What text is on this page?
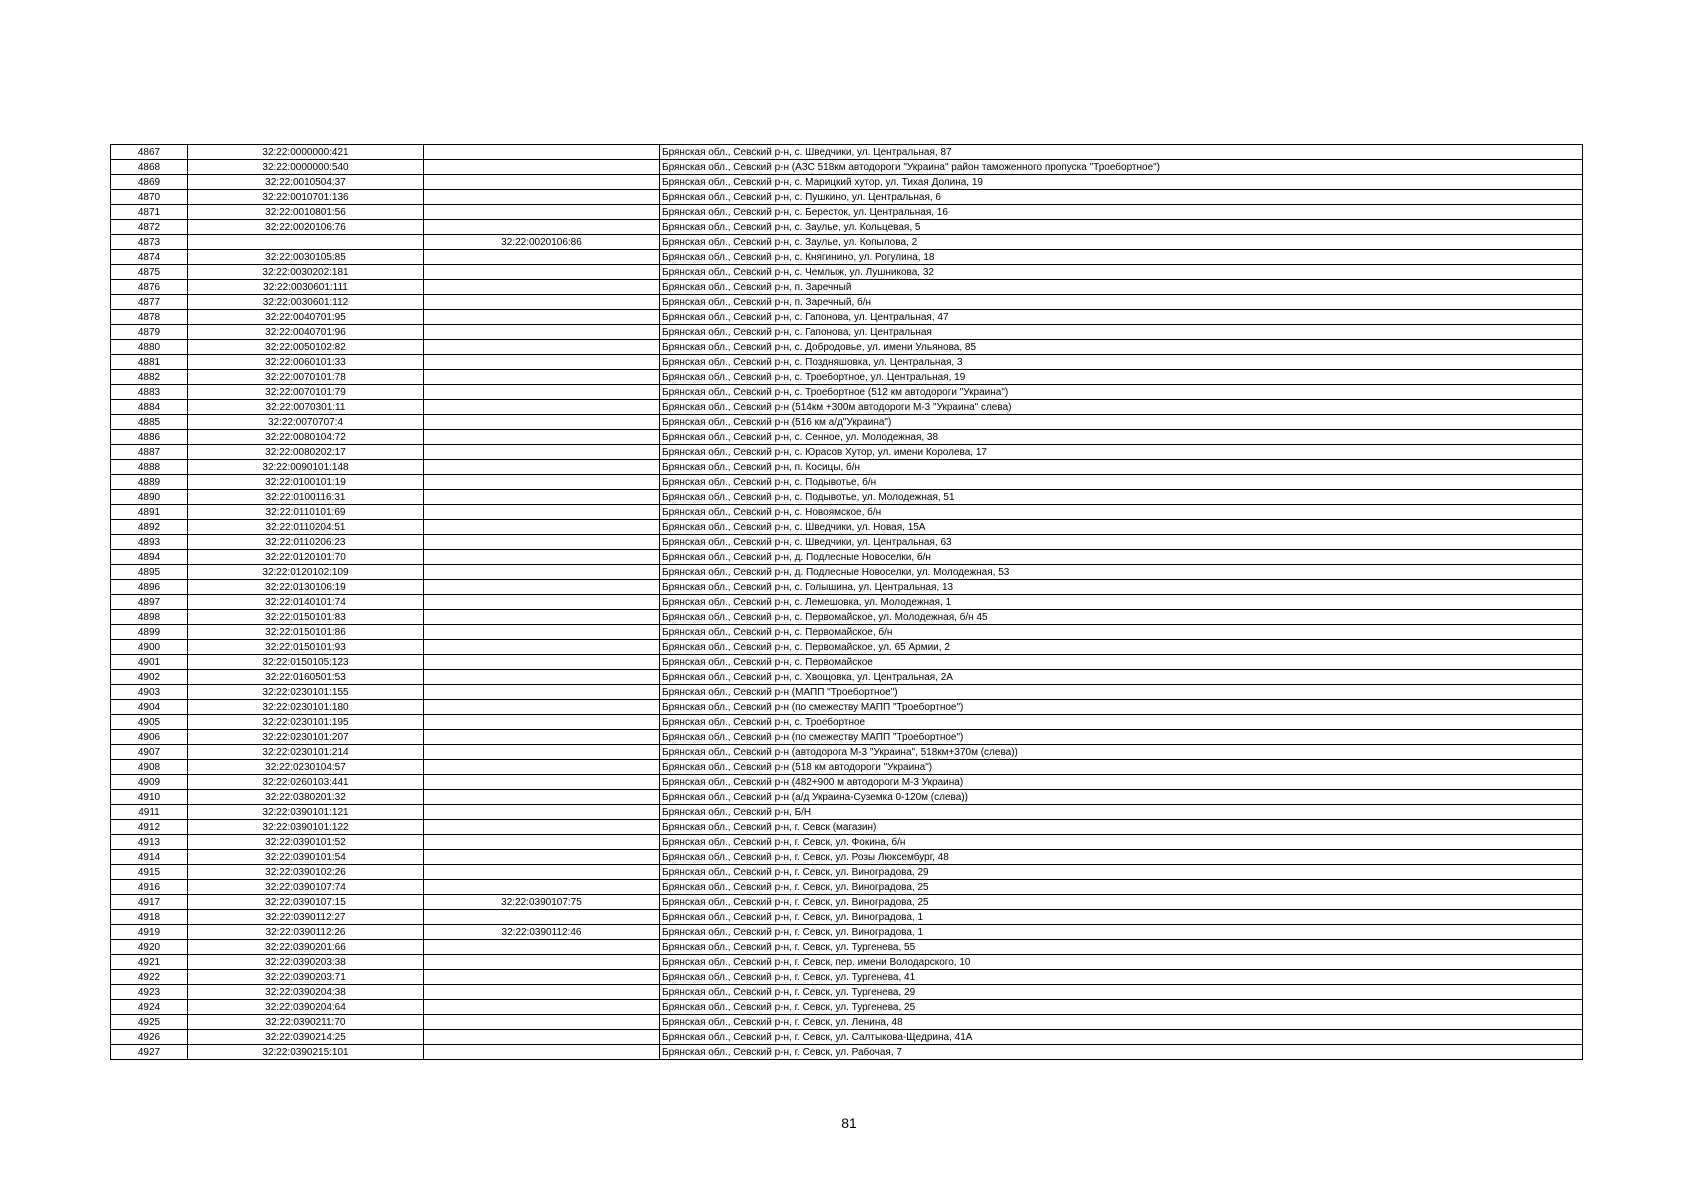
4867	32:22:0000000:421		Брянская обл., Севский р-н, с. Шведчики, ул. Центральная, 87
4868	32:22:0000000:540		Брянская обл., Севский р-н (АЗС 518км автодороги "Украина" район таможенного пропуска "Троебортное")
4869	32:22:0010504:37		Брянская обл., Севский р-н, с. Марицкий хутор, ул. Тихая Долина, 19
4870	32:22:0010701:136		Брянская обл., Севский р-н, с. Пушкино, ул. Центральная, 6
4871	32:22:0010801:56		Брянская обл., Севский р-н, с. Бересток, ул. Центральная, 16
4872	32:22:0020106:76		Брянская обл., Севский р-н, с. Заулье, ул. Кольцевая, 5
4873		32:22:0020106:86	Брянская обл., Севский р-н, с. Заулье, ул. Копылова, 2
4874	32:22:0030105:85		Брянская обл., Севский р-н, с. Княгинино, ул. Рогулина, 18
4875	32:22:0030202:181		Брянская обл., Севский р-н, с. Чемлыж, ул. Лушникова, 32
4876	32:22:0030601:111		Брянская обл., Севский р-н, п. Заречный
4877	32:22:0030601:112		Брянская обл., Севский р-н, п. Заречный, б/н
4878	32:22:0040701:95		Брянская обл., Севский р-н, с. Гапонова, ул. Центральная, 47
4879	32:22:0040701:96		Брянская обл., Севский р-н, с. Гапонова, ул. Центральная
4880	32:22:0050102:82		Брянская обл., Севский р-н, с. Добродовье, ул. имени Ульянова, 85
4881	32:22:0060101:33		Брянская обл., Севский р-н, с. Поздняшовка, ул. Центральная, 3
4882	32:22:0070101:78		Брянская обл., Севский р-н, с. Троебортное, ул. Центральная, 19
4883	32:22:0070101:79		Брянская обл., Севский р-н, с. Троебортное (512 км автодороги "Украина")
4884	32:22:0070301:11		Брянская обл., Севский р-н (514км +300м автодороги М-3 "Украина" слева)
4885	32:22:0070707:4		Брянская обл., Севский р-н (516 км а/д"Украина")
4886	32:22:0080104:72		Брянская обл., Севский р-н, с. Сенное, ул. Молодежная, 38
4887	32:22:0080202:17		Брянская обл., Севский р-н, с. Юрасов Хутор, ул. имени Королева, 17
4888	32:22:0090101:148		Брянская обл., Севский р-н, п. Косицы, б/н
4889	32:22:0100101:19		Брянская обл., Севский р-н, с. Подывотье, б/н
4890	32:22:0100116:31		Брянская обл., Севский р-н, с. Подывотье, ул. Молодежная, 51
4891	32:22:0110101:69		Брянская обл., Севский р-н, с. Новоямское, б/н
4892	32:22:0110204:51		Брянская обл., Севский р-н, с. Шведчики, ул. Новая, 15А
4893	32:22:0110206:23		Брянская обл., Севский р-н, с. Шведчики, ул. Центральная, 63
4894	32:22:0120101:70		Брянская обл., Севский р-н, д. Подлесные Новоселки, б/н
4895	32:22:0120102:109		Брянская обл., Севский р-н, д. Подлесные Новоселки, ул. Молодежная, 53
4896	32:22:0130106:19		Брянская обл., Севский р-н, с. Голышина, ул. Центральная, 13
4897	32:22:0140101:74		Брянская обл., Севский р-н, с. Лемешовка, ул. Молодежная, 1
4898	32:22:0150101:83		Брянская обл., Севский р-н, с. Первомайское, ул. Молодежная, б/н 45
4899	32:22:0150101:86		Брянская обл., Севский р-н, с. Первомайское, б/н
4900	32:22:0150101:93		Брянская обл., Севский р-н, с. Первомайское, ул. 65 Армии, 2
4901	32:22:0150105:123		Брянская обл., Севский р-н, с. Первомайское
4902	32:22:0160501:53		Брянская обл., Севский р-н, с. Хвощовка, ул. Центральная, 2А
4903	32:22:0230101:155		Брянская обл., Севский р-н (МАПП "Троебортное")
4904	32:22:0230101:180		Брянская обл., Севский р-н (по смежеству МАПП "Троебортное")
4905	32:22:0230101:195		Брянская обл., Севский р-н, с. Троебортное
4906	32:22:0230101:207		Брянская обл., Севский р-н (по смежеству МАПП "Троебортное")
4907	32:22:0230101:214		Брянская обл., Севский р-н (автодорога М-3 "Украина", 518км+370м (слева))
4908	32:22:0230104:57		Брянская обл., Севский р-н (518 км автодороги "Украина")
4909	32:22:0260103:441		Брянская обл., Севский р-н (482+900 м автодороги М-3 Украина)
4910	32:22:0380201:32		Брянская обл., Севский р-н (а/д Украина-Суземка 0-120м (слева))
4911	32:22:0390101:121		Брянская обл., Севский р-н, Б/Н
4912	32:22:0390101:122		Брянская обл., Севский р-н, г. Севск (магазин)
4913	32:22:0390101:52		Брянская обл., Севский р-н, г. Севск, ул. Фокина, б/н
4914	32:22:0390101:54		Брянская обл., Севский р-н, г. Севск, ул. Розы Люксембург, 48
4915	32:22:0390102:26		Брянская обл., Севский р-н, г. Севск, ул. Виноградова, 29
4916	32:22:0390107:74		Брянская обл., Севский р-н, г. Севск, ул. Виноградова, 25
4917	32:22:0390107:15	32:22:0390107:75	Брянская обл., Севский р-н, г. Севск, ул. Виноградова, 25
4918	32:22:0390112:27		Брянская обл., Севский р-н, г. Севск, ул. Виноградова, 1
4919	32:22:0390112:26	32:22:0390112:46	Брянская обл., Севский р-н, г. Севск, ул. Виноградова, 1
4920	32:22:0390201:66		Брянская обл., Севский р-н, г. Севск, ул. Тургенева, 55
4921	32:22:0390203:38		Брянская обл., Севский р-н, г. Севск, пер. имени Володарского, 10
4922	32:22:0390203:71		Брянская обл., Севский р-н, г. Севск, ул. Тургенева, 41
4923	32:22:0390204:38		Брянская обл., Севский р-н, г. Севск, ул. Тургенева, 29
4924	32:22:0390204:64		Брянская обл., Севский р-н, г. Севск, ул. Тургенева, 25
4925	32:22:0390211:70		Брянская обл., Севский р-н, г. Севск, ул. Ленина, 48
4926	32:22:0390214:25		Брянская обл., Севский р-н, г. Севск, ул. Салтыкова-Щедрина, 41А
4927	32:22:0390215:101		Брянская обл., Севский р-н, г. Севск, ул. Рабочая, 7
81
